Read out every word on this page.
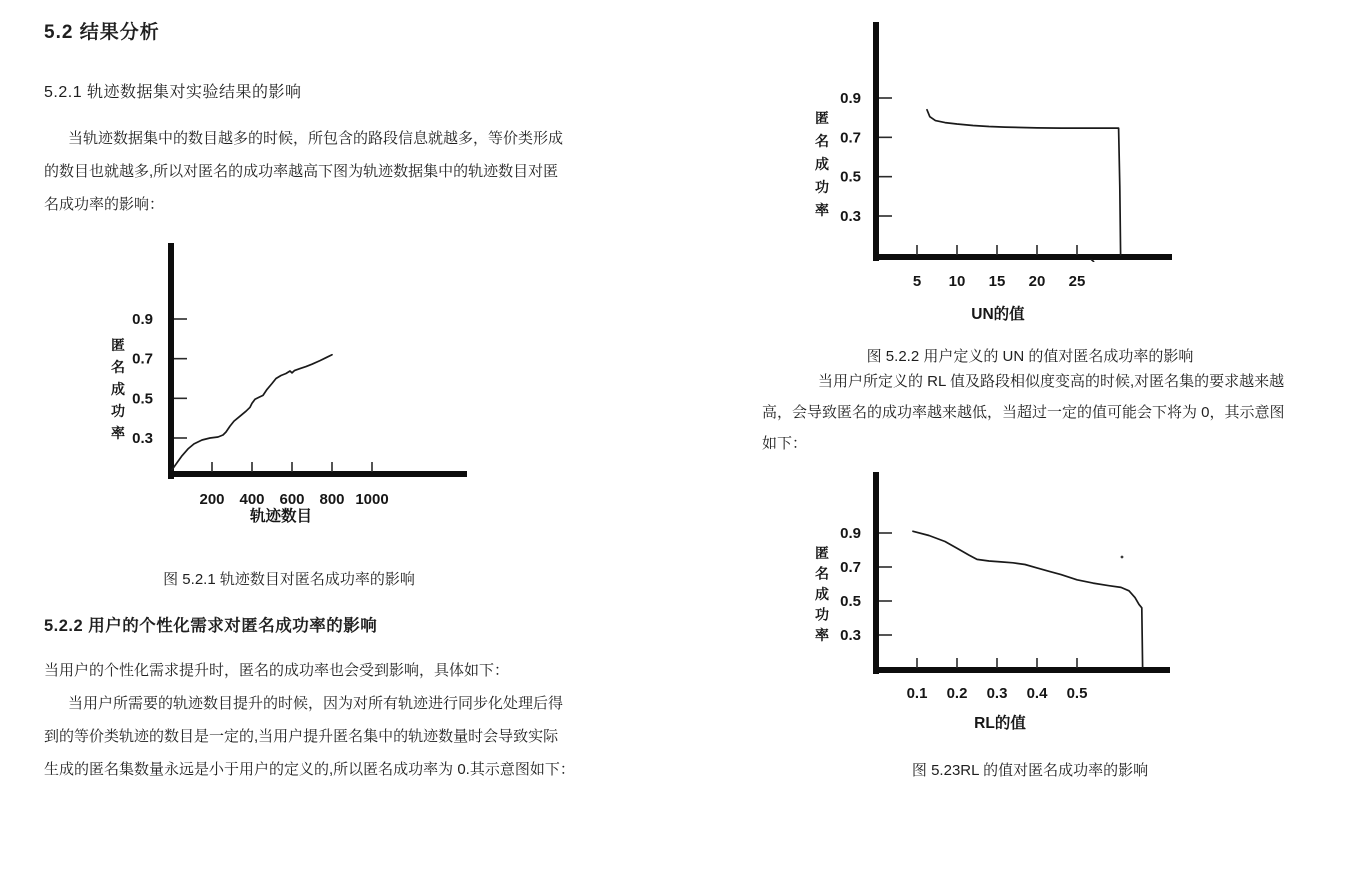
5.2 结果分析
5.2.1 轨迹数据集对实验结果的影响
当轨迹数据集中的数目越多的时候，所包含的路段信息就越多，等价类形成
的数目也就越多,所以对匿名的成功率越高下图为轨迹数据集中的轨迹数目对匿
名成功率的影响：
0.9
0.7
0.5
0.3
200 400 600 800 1000
匿
名
成
功
率
轨迹数目
图 5.2.1 轨迹数目对匿名成功率的影响
5.2.2 用户的个性化需求对匿名成功率的影响
当用户的个性化需求提升时，匿名的成功率也会受到影响，具体如下：
当用户所需要的轨迹数目提升的时候，因为对所有轨迹进行同步化处理后得
到的等价类轨迹的数目是一定的,当用户提升匿名集中的轨迹数量时会导致实际
生成的匿名集数量永远是小于用户的定义的,所以匿名成功率为 0.其示意图如下：
0.9
0.7
0.5
0.3
5 10 15 20 25
匿
名
成
功
率
UN的值
`
图 5.2.2 用户定义的 UN 的值对匿名成功率的影响
当用户所定义的 RL 值及路段相似度变高的时候,对匿名集的要求越来越
高，会导致匿名的成功率越来越低，当超过一定的值可能会下将为 0，其示意图
如下：
0.9
0.7
0.5
0.3
0.1 0.2 0.3 0.4 0.5
匿
名
成
功
率
RL的值
图 5.23RL 的值对匿名成功率的影响
